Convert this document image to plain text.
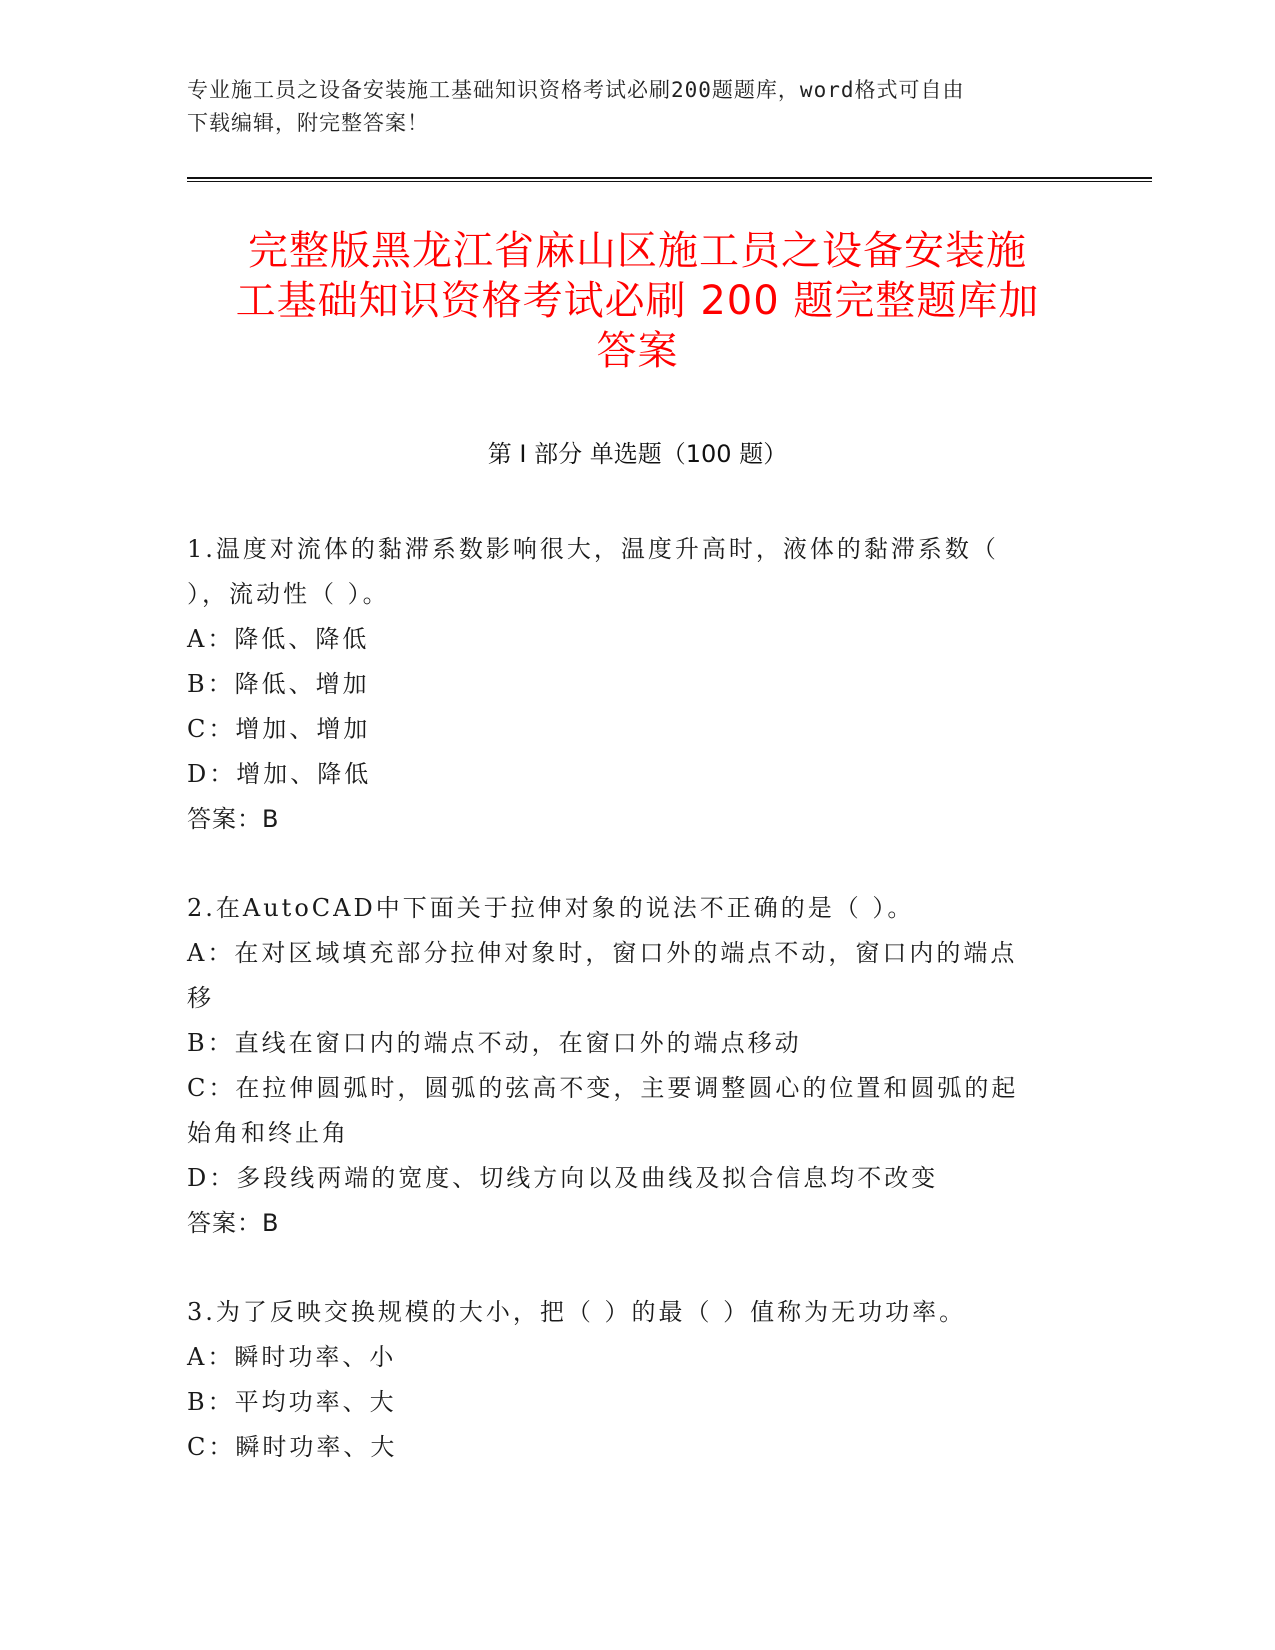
专业施工员之设备安装施工基础知识资格考试必刷200题题库，word格式可自由
下载编辑，附完整答案！
完整版黑龙江省麻山区施工员之设备安装施
工基础知识资格考试必刷 200 题完整题库加
答案
第 I 部分 单选题（100 题）

1.温度对流体的黏滞系数影响很大，温度升高时，液体的黏滞系数（

），流动性（ ）。

A：降低、降低

B：降低、增加

C：增加、增加

D：增加、降低

答案：B

2.在AutoCAD中下面关于拉伸对象的说法不正确的是（ ）。

A：在对区域填充部分拉伸对象时，窗口外的端点不动，窗口内的端点

移

B：直线在窗口内的端点不动，在窗口外的端点移动

C：在拉伸圆弧时，圆弧的弦高不变，主要调整圆心的位置和圆弧的起

始角和终止角

D：多段线两端的宽度、切线方向以及曲线及拟合信息均不改变

答案：B

3.为了反映交换规模的大小，把（ ）的最（ ）值称为无功功率。

A：瞬时功率、小

B：平均功率、大

C：瞬时功率、大
